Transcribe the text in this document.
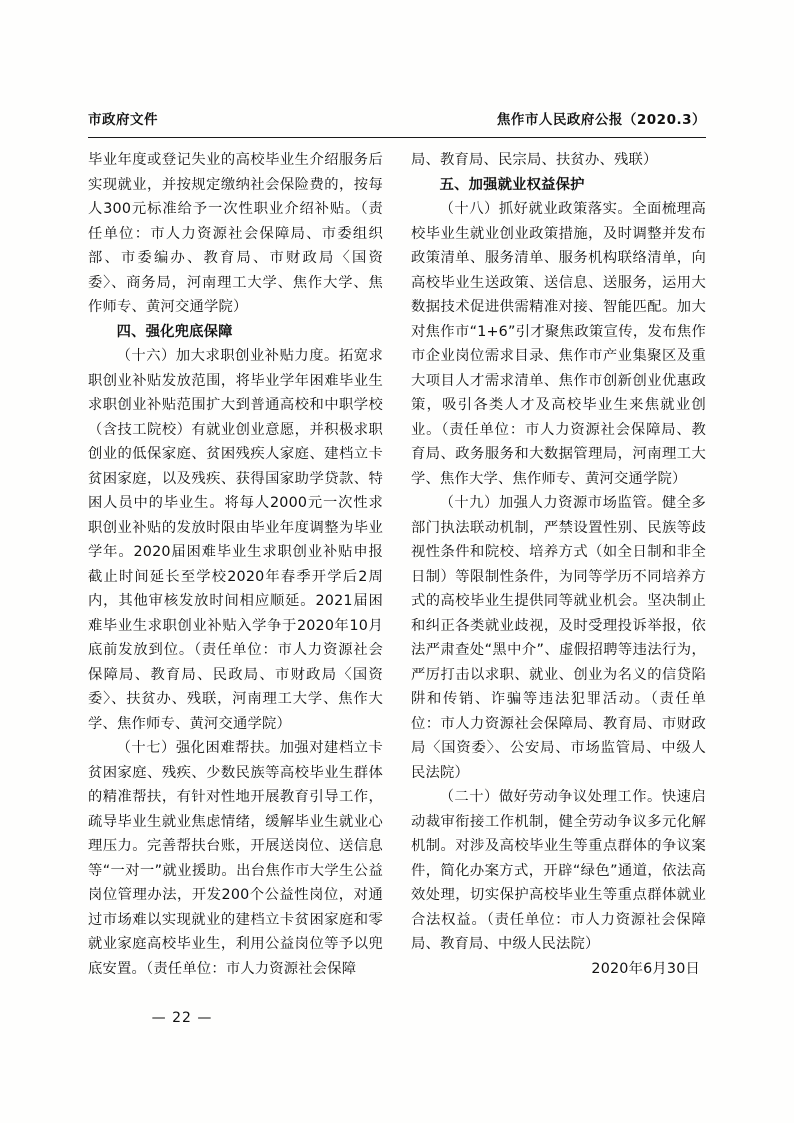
市政府文件	焦作市人民政府公报（2020.3）

毕业年度或登记失业的高校毕业生介绍服务后实现就业，并按规定缴纳社会保险费的，按每人300元标准给予一次性职业介绍补贴。（责任单位：市人力资源社会保障局、市委组织部、市委编办、教育局、市财政局〈国资委〉、商务局，河南理工大学、焦作大学、焦作师专、黄河交通学院）

四、强化兜底保障

（十六）加大求职创业补贴力度。拓宽求职创业补贴发放范围，将毕业学年困难毕业生求职创业补贴范围扩大到普通高校和中职学校（含技工院校）有就业创业意愿，并积极求职创业的低保家庭、贫困残疾人家庭、建档立卡贫困家庭，以及残疾、获得国家助学贷款、特困人员中的毕业生。将每人2000元一次性求职创业补贴的发放时限由毕业年度调整为毕业学年。2020届困难毕业生求职创业补贴申报截止时间延长至学校2020年春季开学后2周内，其他审核发放时间相应顺延。2021届困难毕业生求职创业补贴入学争于2020年10月底前发放到位。（责任单位：市人力资源社会保障局、教育局、民政局、市财政局〈国资委〉、扶贫办、残联，河南理工大学、焦作大学、焦作师专、黄河交通学院）

（十七）强化困难帮扶。加强对建档立卡贫困家庭、残疾、少数民族等高校毕业生群体的精准帮扶，有针对性地开展教育引导工作，疏导毕业生就业焦虑情绪，缓解毕业生就业心理压力。完善帮扶台账，开展送岗位、送信息等“一对一”就业援助。出台焦作市大学生公益岗位管理办法，开发200个公益性岗位，对通过市场难以实现就业的建档立卡贫困家庭和零就业家庭高校毕业生，利用公益岗位等予以兜底安置。（责任单位：市人力资源社会保障

局、教育局、民宗局、扶贫办、残联）

五、加强就业权益保护

（十八）抓好就业政策落实。全面梳理高校毕业生就业创业政策措施，及时调整并发布政策清单、服务清单、服务机构联络清单，向高校毕业生送政策、送信息、送服务，运用大数据技术促进供需精准对接、智能匹配。加大对焦作市“1+6”引才聚焦政策宣传，发布焦作市企业岗位需求目录、焦作市产业集聚区及重大项目人才需求清单、焦作市创新创业优惠政策，吸引各类人才及高校毕业生来焦就业创业。（责任单位：市人力资源社会保障局、教育局、政务服务和大数据管理局，河南理工大学、焦作大学、焦作师专、黄河交通学院）

（十九）加强人力资源市场监管。健全多部门执法联动机制，严禁设置性别、民族等歧视性条件和院校、培养方式（如全日制和非全日制）等限制性条件，为同等学历不同培养方式的高校毕业生提供同等就业机会。坚决制止和纠正各类就业歧视，及时受理投诉举报，依法严肃查处“黑中介”、虚假招聘等违法行为，严厉打击以求职、就业、创业为名义的信贷陷阱和传销、诈骗等违法犯罪活动。（责任单位：市人力资源社会保障局、教育局、市财政局〈国资委〉、公安局、市场监管局、中级人民法院）

（二十）做好劳动争议处理工作。快速启动裁审衔接工作机制，健全劳动争议多元化解机制。对涉及高校毕业生等重点群体的争议案件，简化办案方式，开辟“绿色”通道，依法高效处理，切实保护高校毕业生等重点群体就业合法权益。（责任单位：市人力资源社会保障局、教育局、中级人民法院）

2020年6月30日

— 22 —
